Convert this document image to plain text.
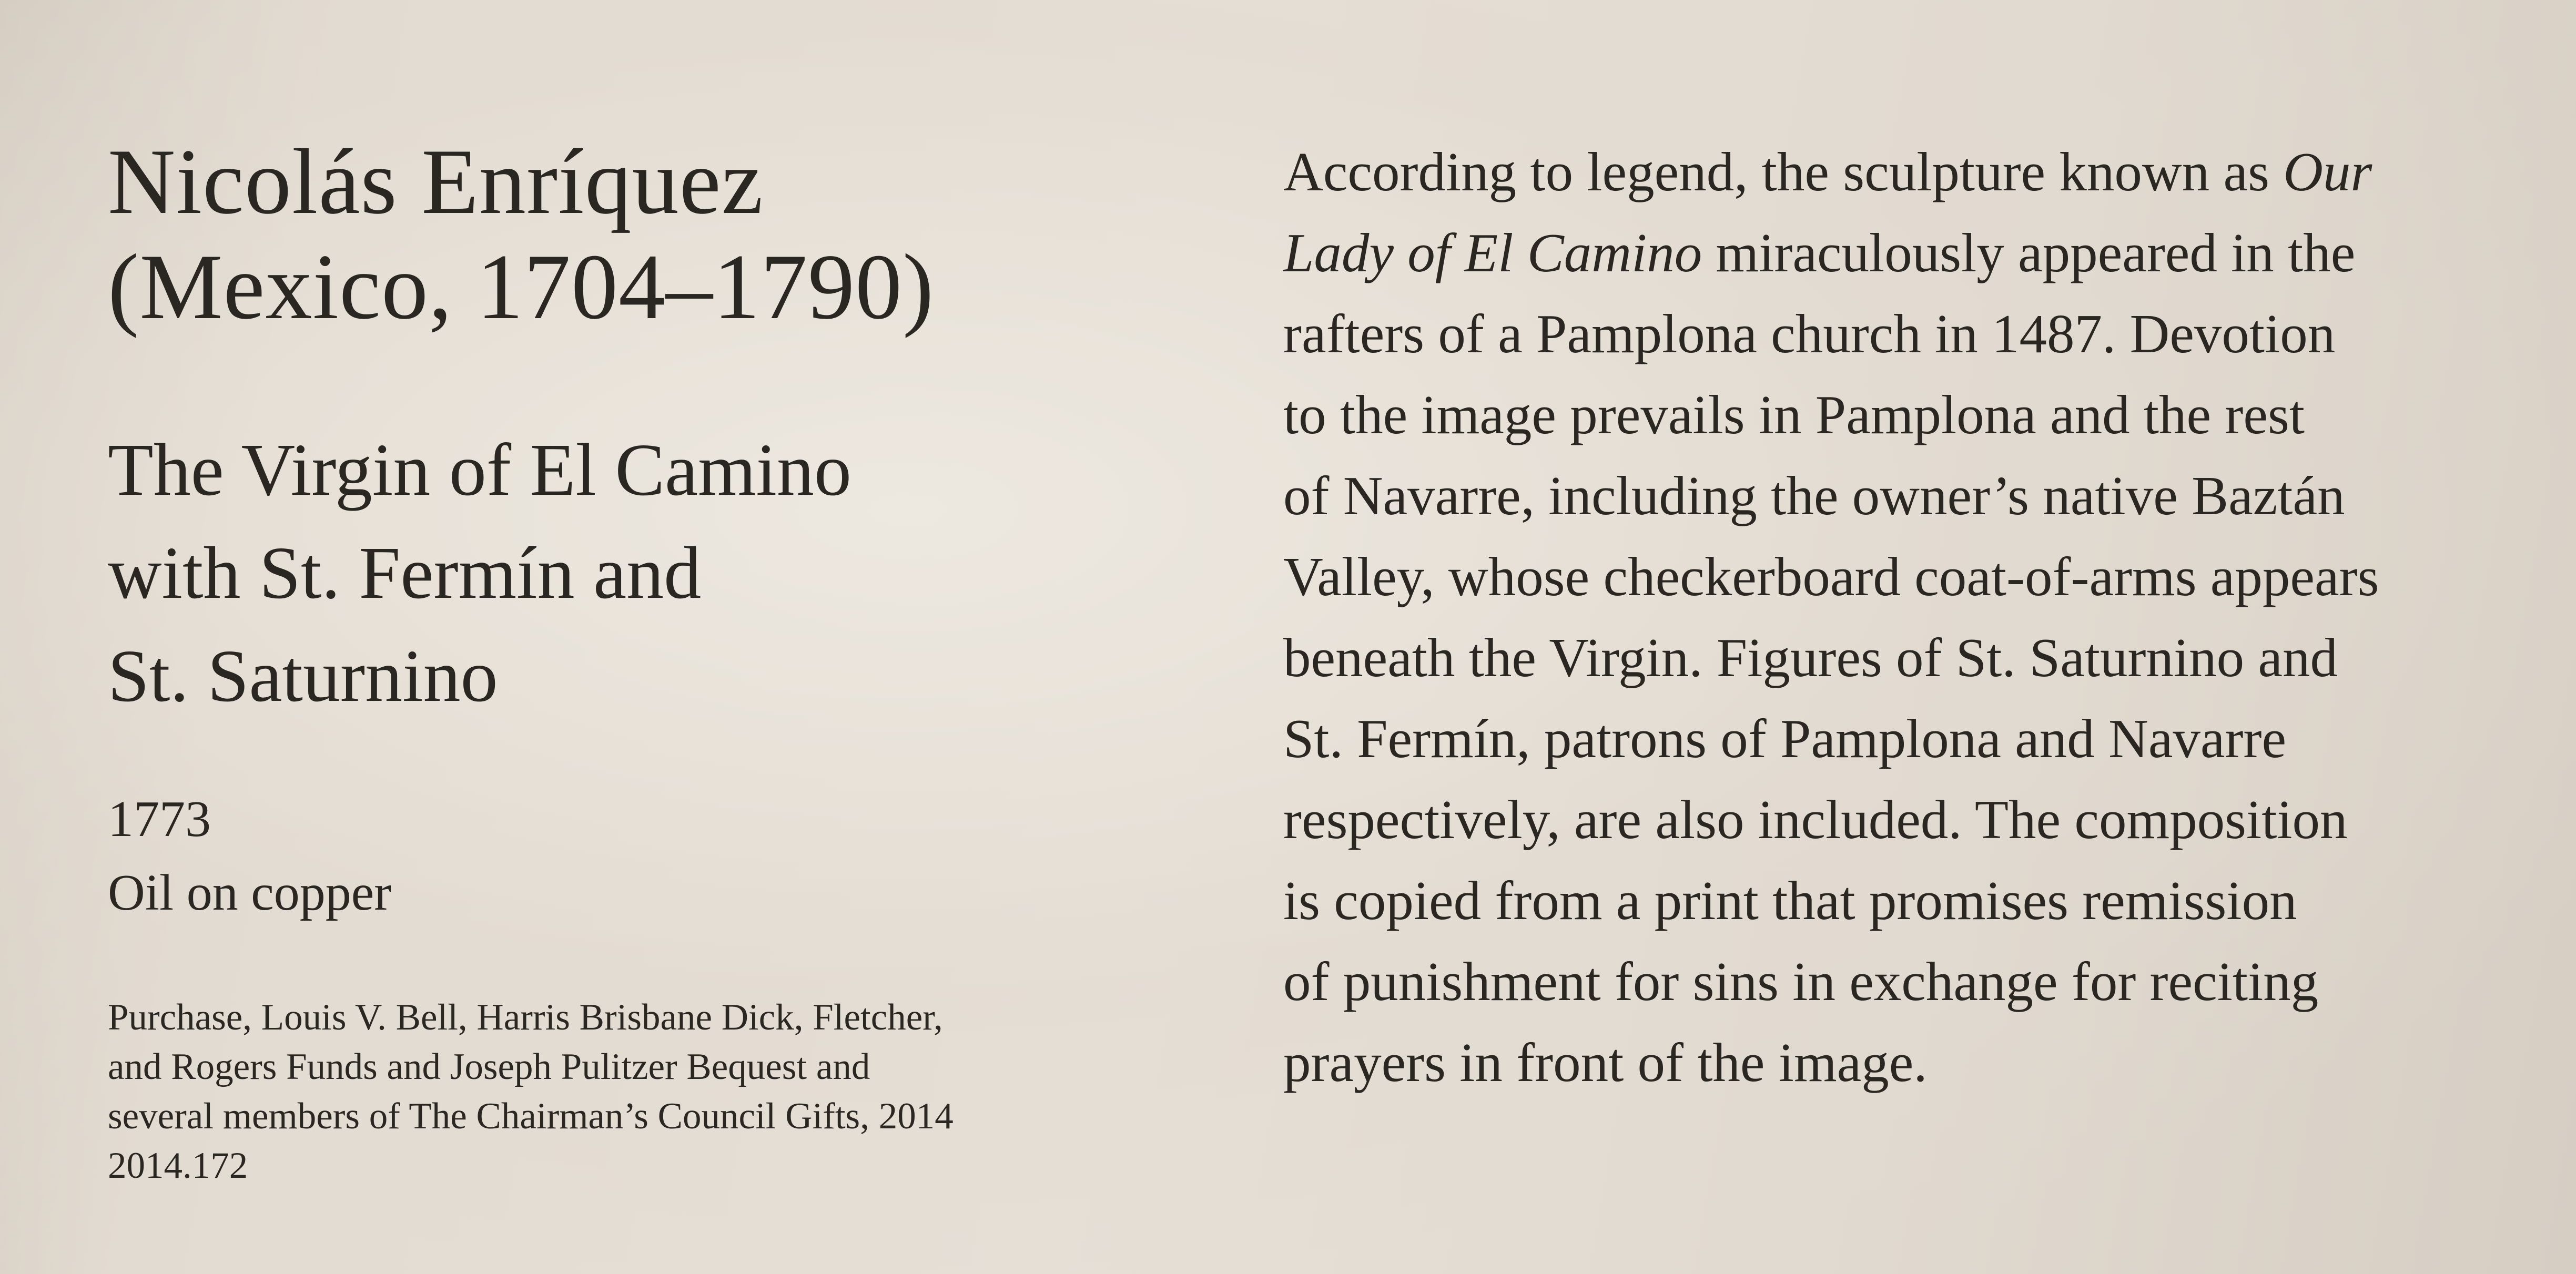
Nicolás Enríquez
(Mexico, 1704–1790)
The Virgin of El Camino
with St. Fermín and
St. Saturnino
1773
Oil on copper
Purchase, Louis V. Bell, Harris Brisbane Dick, Fletcher,
and Rogers Funds and Joseph Pulitzer Bequest and
several members of The Chairman’s Council Gifts, 2014
2014.172
According to legend, the sculpture known as Our
Lady of El Camino miraculously appeared in the
rafters of a Pamplona church in 1487. Devotion
to the image prevails in Pamplona and the rest
of Navarre, including the owner’s native Baztán
Valley, whose checkerboard coat-of-arms appears
beneath the Virgin. Figures of St. Saturnino and
St. Fermín, patrons of Pamplona and Navarre
respectively, are also included. The composition
is copied from a print that promises remission
of punishment for sins in exchange for reciting
prayers in front of the image.
